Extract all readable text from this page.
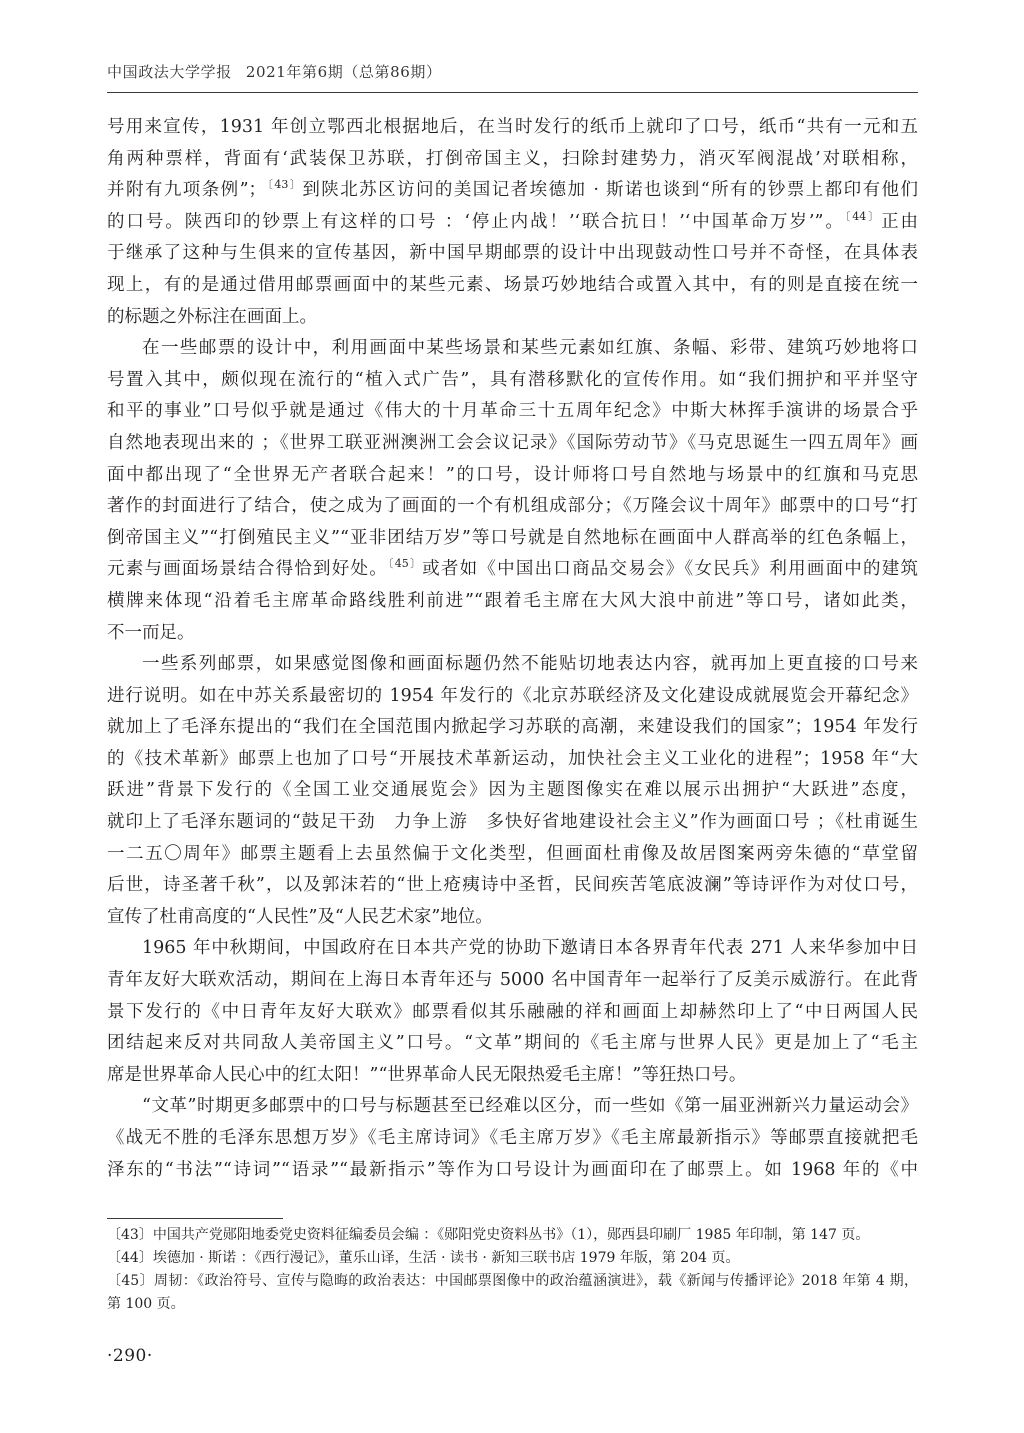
中国政法大学学报 2021年第6期（总第86期）
号用来宣传，1931 年创立鄂西北根据地后，在当时发行的纸币上就印了口号，纸币“共有一元和五
角两种票样，背面有‘武装保卫苏联，打倒帝国主义，扫除封建势力，消灭军阀混战’对联相称，
并附有九项条例”；$^{〔43〕}$到陕北苏区访问的美国记者埃德加 · 斯诺也谈到“所有的钞票上都印有他们
的口号。陕西印的钞票上有这样的口号 ：‘停止内战！’‘联合抗日！’‘中国革命万岁’”。$^{〔44〕}$正由
于继承了这种与生俱来的宣传基因，新中国早期邮票的设计中出现鼓动性口号并不奇怪，在具体表
现上，有的是通过借用邮票画面中的某些元素、场景巧妙地结合或置入其中，有的则是直接在统一
的标题之外标注在画面上。
在一些邮票的设计中，利用画面中某些场景和某些元素如红旗、条幅、彩带、建筑巧妙地将口
号置入其中，颇似现在流行的“植入式广告”，具有潜移默化的宣传作用。如“我们拥护和平并坚守
和平的事业”口号似乎就是通过《伟大的十月革命三十五周年纪念》中斯大林挥手演讲的场景合乎
自然地表现出来的 ；《世界工联亚洲澳洲工会会议记录》《国际劳动节》《马克思诞生一四五周年》画
面中都出现了“全世界无产者联合起来！”的口号，设计师将口号自然地与场景中的红旗和马克思
著作的封面进行了结合，使之成为了画面的一个有机组成部分；《万隆会议十周年》邮票中的口号“打
倒帝国主义”“打倒殖民主义”“亚非团结万岁”等口号就是自然地标在画面中人群高举的红色条幅上，
元素与画面场景结合得恰到好处。$^{〔45〕}$或者如《中国出口商品交易会》《女民兵》利用画面中的建筑
横牌来体现“沿着毛主席革命路线胜利前进”“跟着毛主席在大风大浪中前进”等口号，诸如此类，
不一而足。
一些系列邮票，如果感觉图像和画面标题仍然不能贴切地表达内容，就再加上更直接的口号来
进行说明。如在中苏关系最密切的 1954 年发行的《北京苏联经济及文化建设成就展览会开幕纪念》
就加上了毛泽东提出的“我们在全国范围内掀起学习苏联的高潮，来建设我们的国家”；1954 年发行
的《技术革新》邮票上也加了口号“开展技术革新运动，加快社会主义工业化的进程”；1958 年“大
跃进”背景下发行的《全国工业交通展览会》因为主题图像实在难以展示出拥护“大跃进”态度，
就印上了毛泽东题词的“鼓足干劲　力争上游　多快好省地建设社会主义”作为画面口号 ；《杜甫诞生
一二五〇周年》邮票主题看上去虽然偏于文化类型，但画面杜甫像及故居图案两旁朱德的“草堂留
后世，诗圣著千秋”，以及郭沫若的“世上疮痍诗中圣哲，民间疾苦笔底波澜”等诗评作为对仗口号，
宣传了杜甫高度的“人民性”及“人民艺术家”地位。
1965 年中秋期间，中国政府在日本共产党的协助下邀请日本各界青年代表 271 人来华参加中日
青年友好大联欢活动，期间在上海日本青年还与 5000 名中国青年一起举行了反美示威游行。在此背
景下发行的《中日青年友好大联欢》邮票看似其乐融融的祥和画面上却赫然印上了“中日两国人民
团结起来反对共同敌人美帝国主义”口号。“文革”期间的《毛主席与世界人民》更是加上了“毛主
席是世界革命人民心中的红太阳！”“世界革命人民无限热爱毛主席！”等狂热口号。
“文革”时期更多邮票中的口号与标题甚至已经难以区分，而一些如《第一届亚洲新兴力量运动会》
《战无不胜的毛泽东思想万岁》《毛主席诗词》《毛主席万岁》《毛主席最新指示》等邮票直接就把毛
泽东的“书法”“诗词”“语录”“最新指示”等作为口号设计为画面印在了邮票上。如 1968 年的《中
〔43〕中国共产党郧阳地委党史资料征编委员会编 ：《郧阳党史资料丛书》（1），郧西县印刷厂 1985 年印制，第 147 页。
〔44〕埃德加 · 斯诺 ：《西行漫记》，董乐山译，生活 · 读书 · 新知三联书店 1979 年版，第 204 页。
〔45〕周韧：《政治符号、宣传与隐晦的政治表达：中国邮票图像中的政治蕴涵演进》，载《新闻与传播评论》2018 年第 4 期，
第 100 页。
·290·
